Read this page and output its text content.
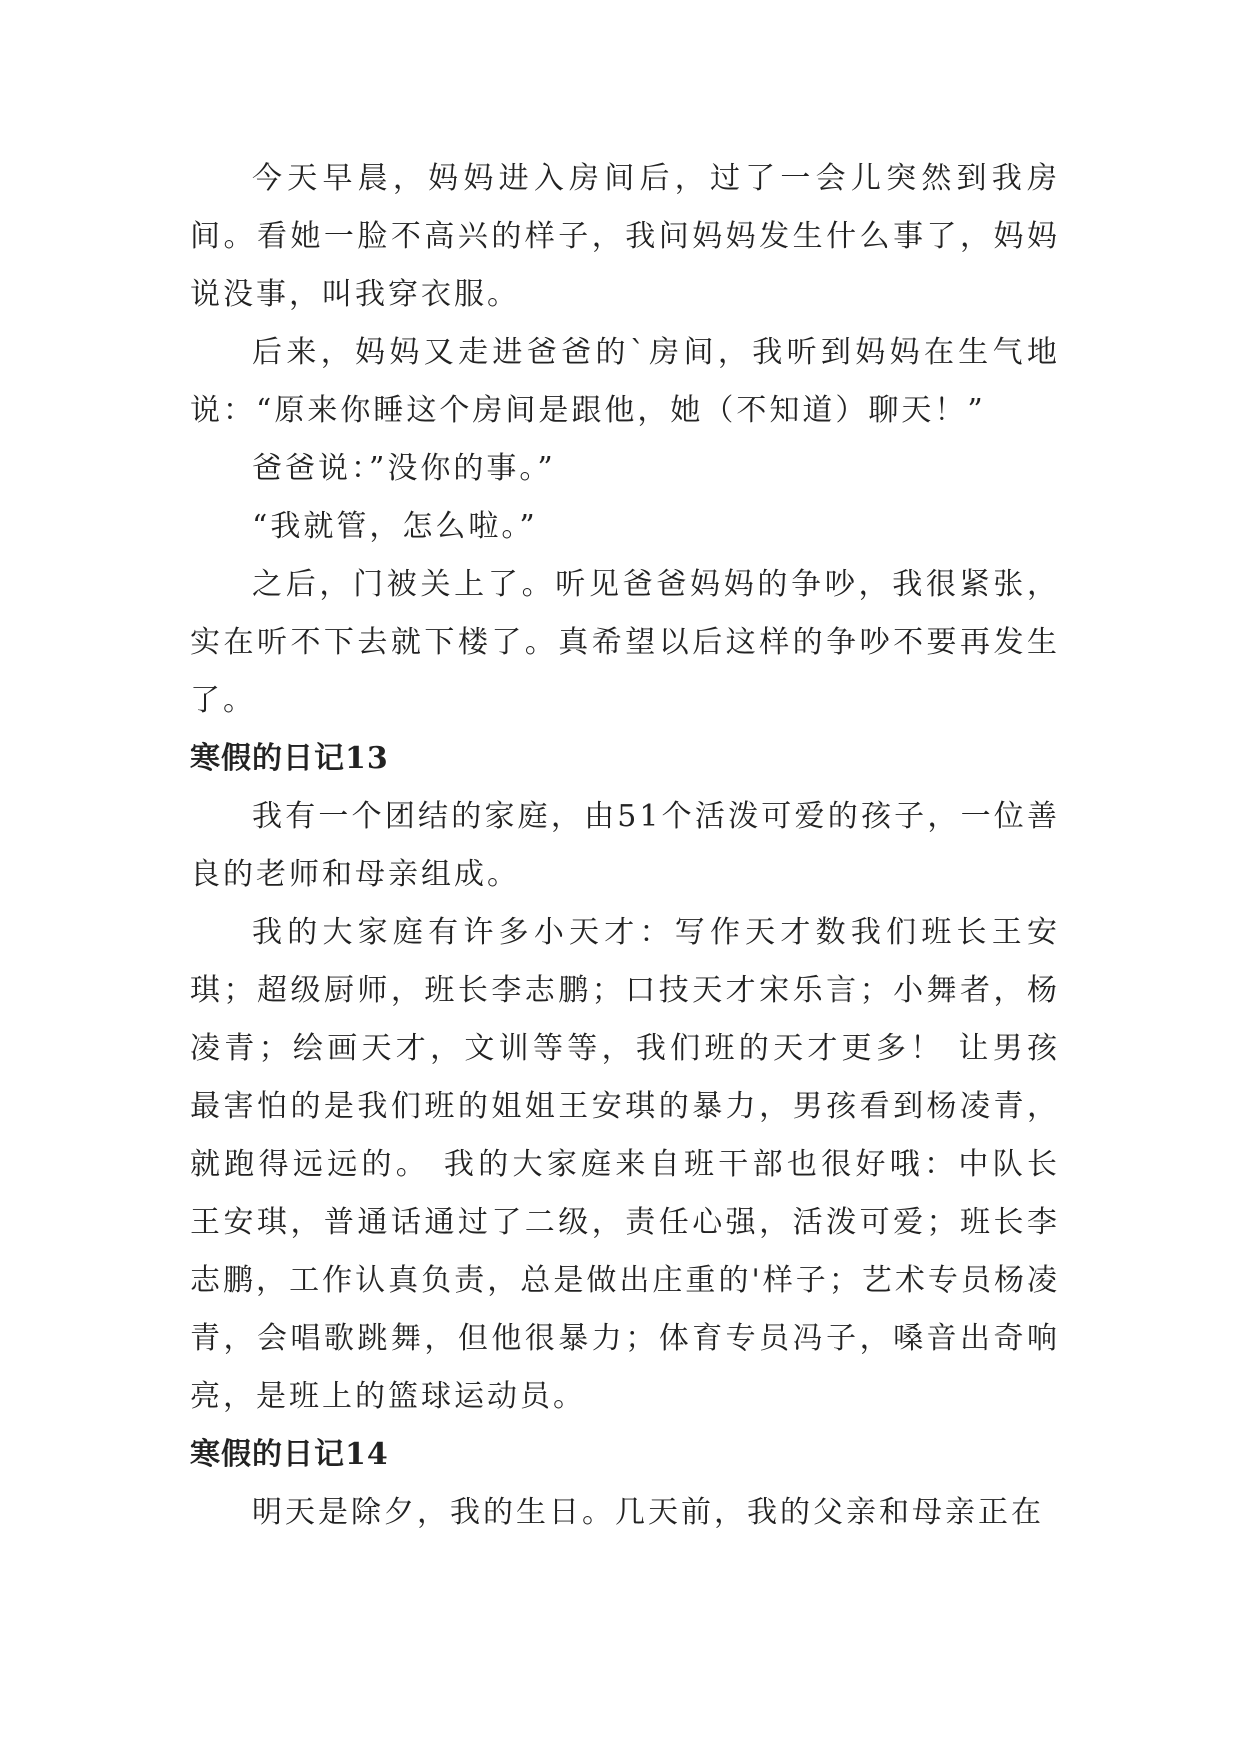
今天早晨，妈妈进入房间后，过了一会儿突然到我房间。看她一脸不高兴的样子，我问妈妈发生什么事了，妈妈说没事，叫我穿衣服。

后来，妈妈又走进爸爸的`房间，我听到妈妈在生气地说：“原来你睡这个房间是跟他，她（不知道）聊天！”

爸爸说：”没你的事。”

“我就管，怎么啦。”

之后，门被关上了。听见爸爸妈妈的争吵，我很紧张，实在听不下去就下楼了。真希望以后这样的争吵不要再发生了。

寒假的日记13

我有一个团结的家庭，由51个活泼可爱的孩子，一位善良的老师和母亲组成。

我的大家庭有许多小天才：写作天才数我们班长王安琪；超级厨师，班长李志鹏；口技天才宋乐言；小舞者，杨凌青；绘画天才，文训等等，我们班的天才更多！ 让男孩最害怕的是我们班的姐姐王安琪的暴力，男孩看到杨凌青，就跑得远远的。 我的大家庭来自班干部也很好哦：中队长王安琪，普通话通过了二级，责任心强，活泼可爱；班长李志鹏，工作认真负责，总是做出庄重的'样子；艺术专员杨凌青，会唱歌跳舞，但他很暴力；体育专员冯子，嗓音出奇响亮，是班上的篮球运动员。

寒假的日记14

明天是除夕，我的生日。几天前，我的父亲和母亲正在
